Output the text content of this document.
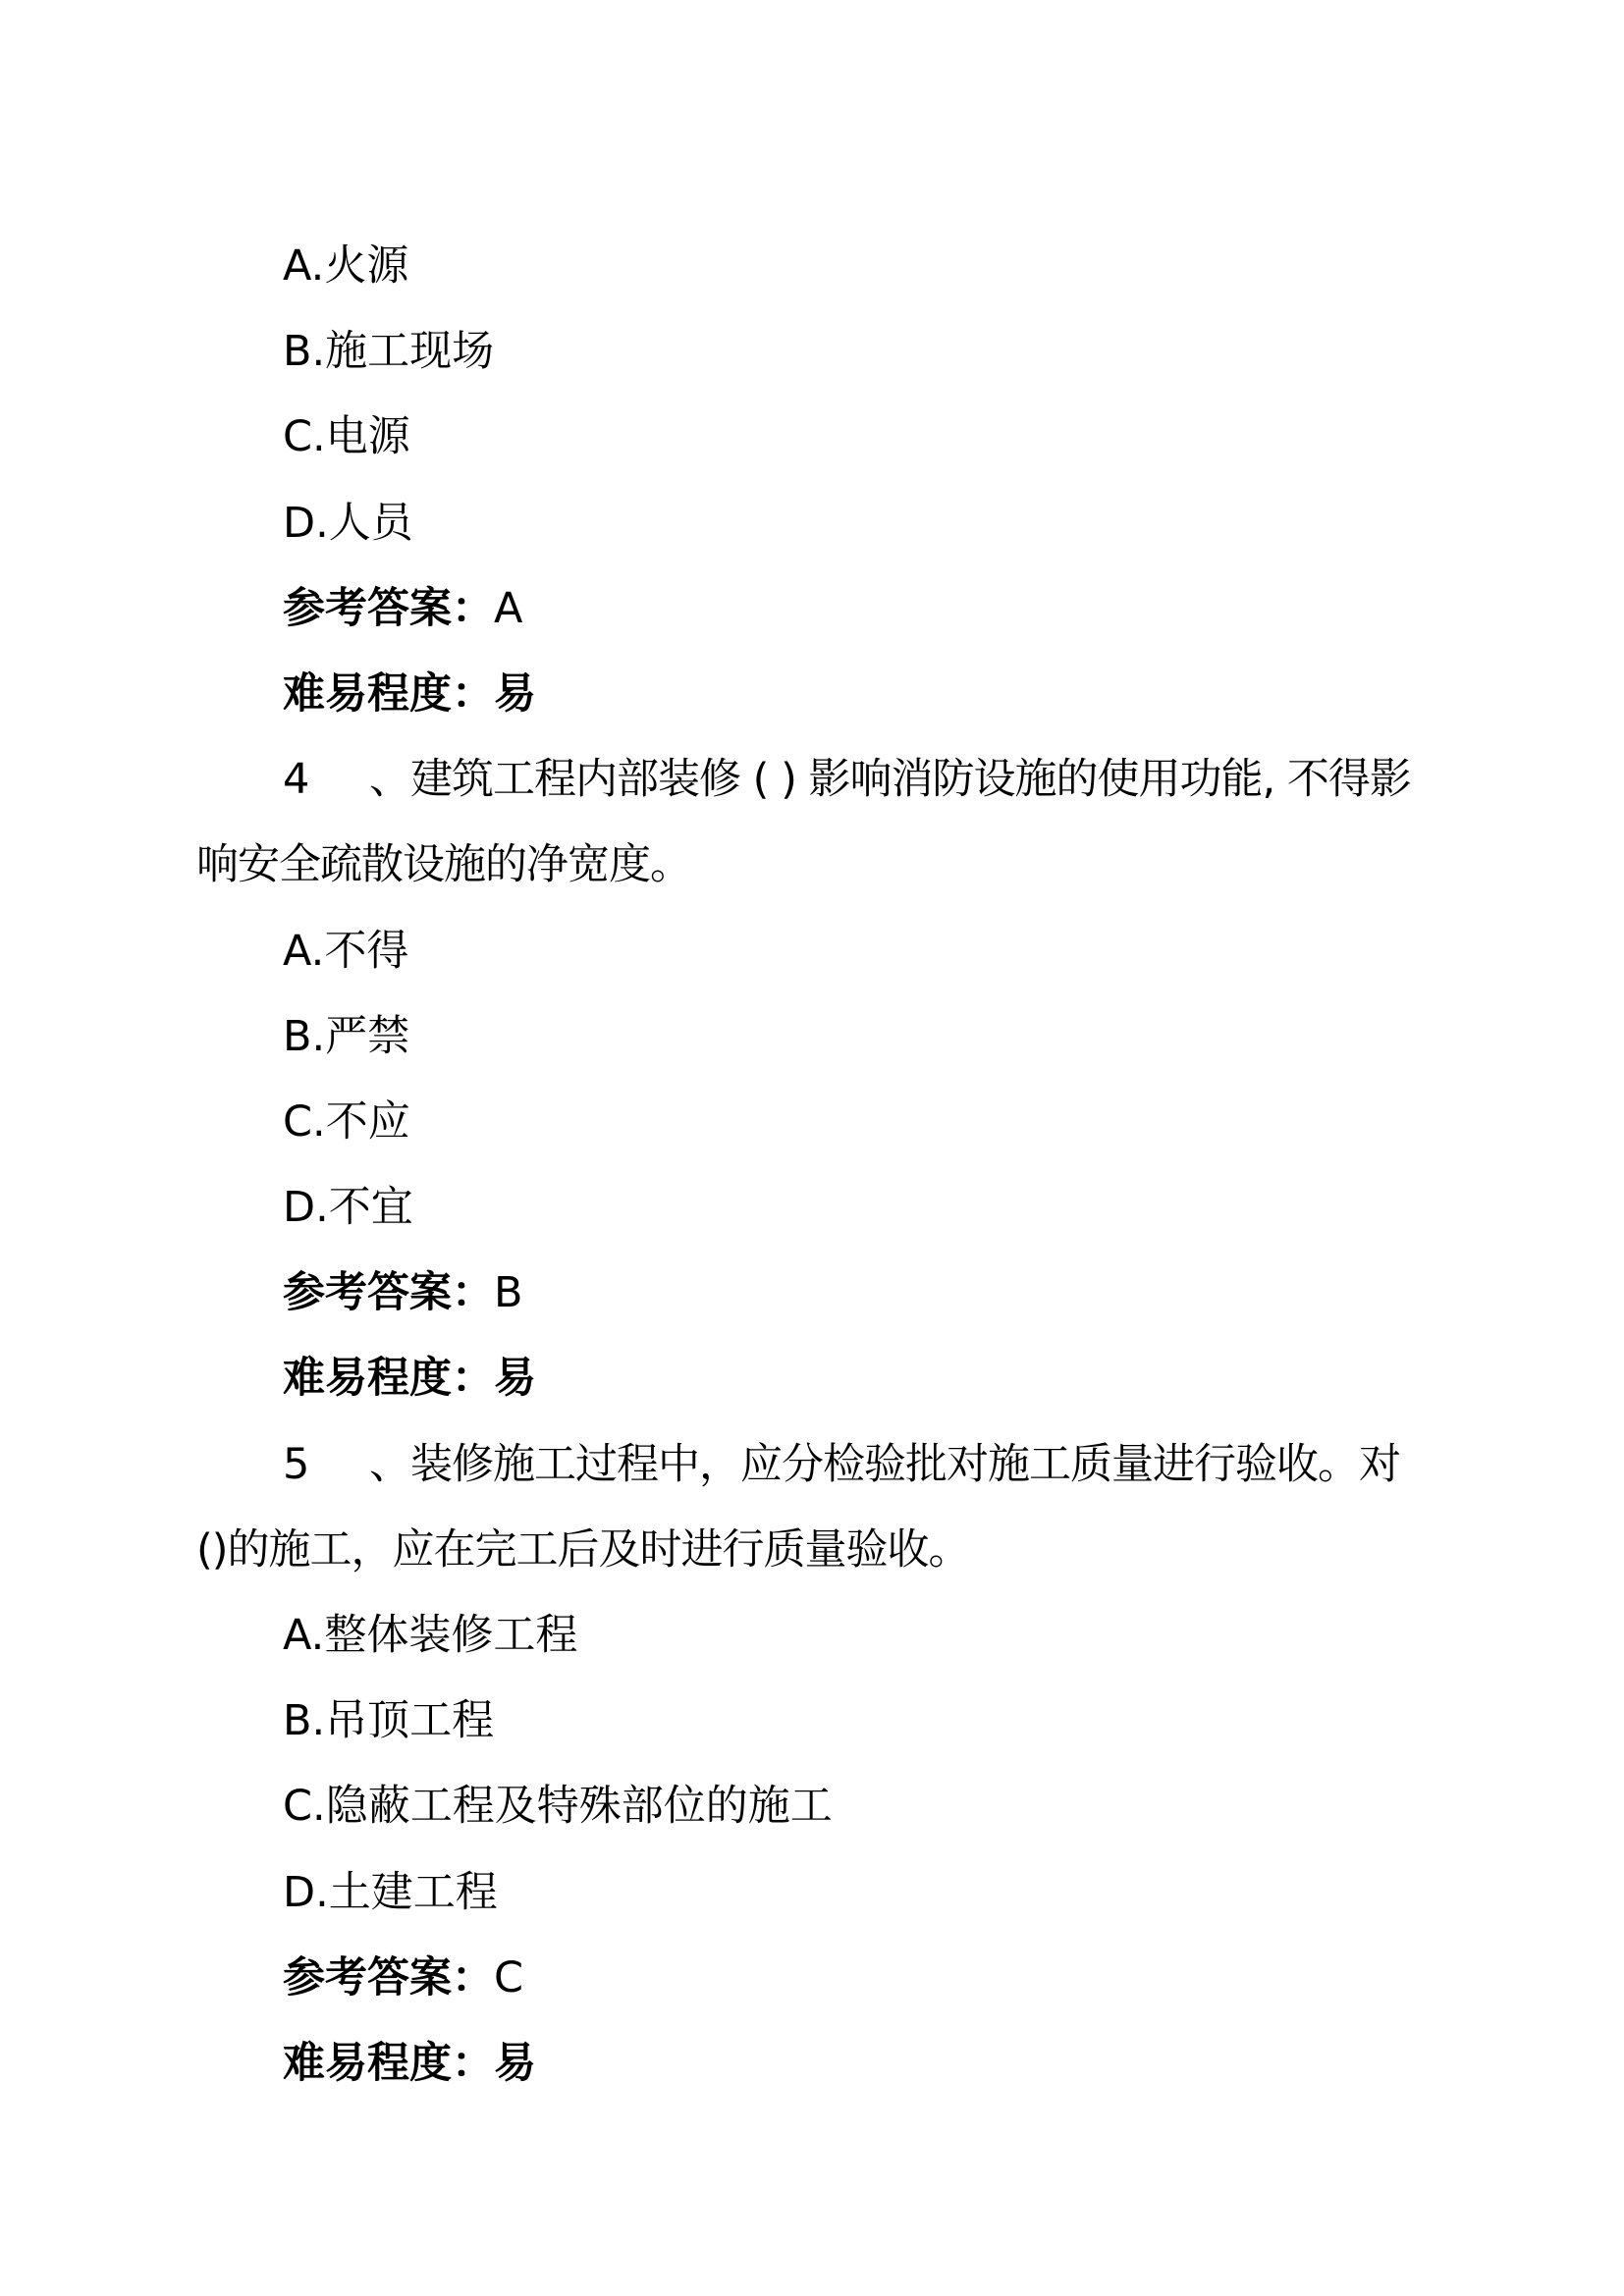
A.火源
B.施工现场
C.电源
D.人员
参考答案：A
难易程度：易
4 、建筑工程内部装修 ( ) 影响消防设施的使用功能, 不得影
响安全疏散设施的净宽度。
A.不得
B.严禁
C.不应
D.不宜
参考答案：B
难易程度：易
5 、装修施工过程中，应分检验批对施工质量进行验收。对
()的施工，应在完工后及时进行质量验收。
A.整体装修工程
B.吊顶工程
C.隐蔽工程及特殊部位的施工
D.土建工程
参考答案：C
难易程度：易
